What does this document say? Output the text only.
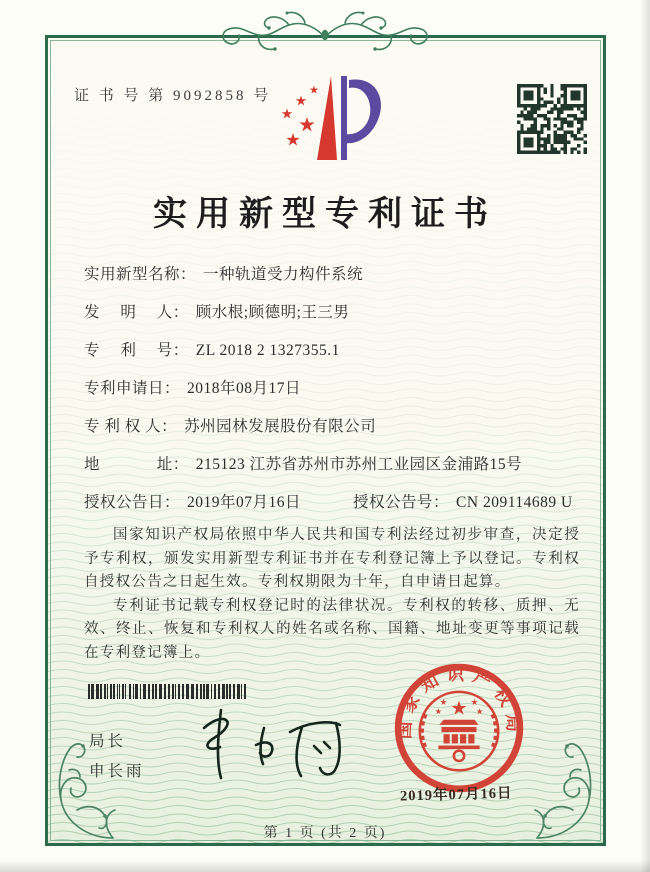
证 书 号 第 9092858 号
实用新型专利证书
实用新型名称： 一种轨道受力构件系统
发　 明　 人： 顾水根;顾德明;王三男
专　 利　 号： ZL 2018 2 1327355.1
专利申请日： 2018年08月17日
专 利 权 人： 苏州园林发展股份有限公司
地　 　　 址： 215123 江苏省苏州市苏州工业园区金浦路15号
授权公告日： 2019年07月16日	授权公告号： CN 209114689 U

国家知识产权局依照中华人民共和国专利法经过初步审查，决定授予专利权，颁发实用新型专利证书并在专利登记簿上予以登记。专利权自授权公告之日起生效。专利权期限为十年，自申请日起算。

专利证书记载专利权登记时的法律状况。专利权的转移、质押、无效、终止、恢复和专利权人的姓名或名称、国籍、地址变更等事项记载在专利登记簿上。

局长
申长雨
国家知识产权局
2019年07月16日
第 1 页 (共 2 页)
